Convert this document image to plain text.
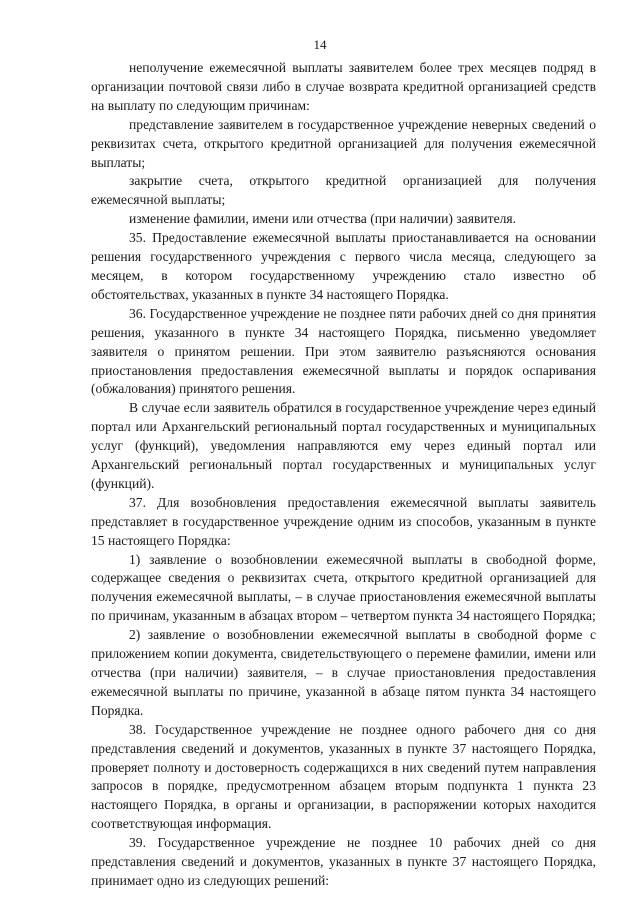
14

неполучение ежемесячной выплаты заявителем более трех месяцев подряд в организации почтовой связи либо в случае возврата кредитной организацией средств на выплату по следующим причинам:

представление заявителем в государственное учреждение неверных сведений о реквизитах счета, открытого кредитной организацией для получения ежемесячной выплаты;

закрытие счета, открытого кредитной организацией для получения ежемесячной выплаты;

изменение фамилии, имени или отчества (при наличии) заявителя.

35. Предоставление ежемесячной выплаты приостанавливается на основании решения государственного учреждения с первого числа месяца, следующего за месяцем, в котором государственному учреждению стало известно об обстоятельствах, указанных в пункте 34 настоящего Порядка.

36. Государственное учреждение не позднее пяти рабочих дней со дня принятия решения, указанного в пункте 34 настоящего Порядка, письменно уведомляет заявителя о принятом решении. При этом заявителю разъясняются основания приостановления предоставления ежемесячной выплаты и порядок оспаривания (обжалования) принятого решения.

В случае если заявитель обратился в государственное учреждение через единый портал или Архангельский региональный портал государственных и муниципальных услуг (функций), уведомления направляются ему через единый портал или Архангельский региональный портал государственных и муниципальных услуг (функций).

37. Для возобновления предоставления ежемесячной выплаты заявитель представляет в государственное учреждение одним из способов, указанным в пункте 15 настоящего Порядка:

1) заявление о возобновлении ежемесячной выплаты в свободной форме, содержащее сведения о реквизитах счета, открытого кредитной организацией для получения ежемесячной выплаты, – в случае приостановления ежемесячной выплаты по причинам, указанным в абзацах втором – четвертом пункта 34 настоящего Порядка;

2) заявление о возобновлении ежемесячной выплаты в свободной форме с приложением копии документа, свидетельствующего о перемене фамилии, имени или отчества (при наличии) заявителя, – в случае приостановления предоставления ежемесячной выплаты по причине, указанной в абзаце пятом пункта 34 настоящего Порядка.

38. Государственное учреждение не позднее одного рабочего дня со дня представления сведений и документов, указанных в пункте 37 настоящего Порядка, проверяет полноту и достоверность содержащихся в них сведений путем направления запросов в порядке, предусмотренном абзацем вторым подпункта 1 пункта 23 настоящего Порядка, в органы и организации, в распоряжении которых находится соответствующая информация.

39. Государственное учреждение не позднее 10 рабочих дней со дня представления сведений и документов, указанных в пункте 37 настоящего Порядка, принимает одно из следующих решений:
